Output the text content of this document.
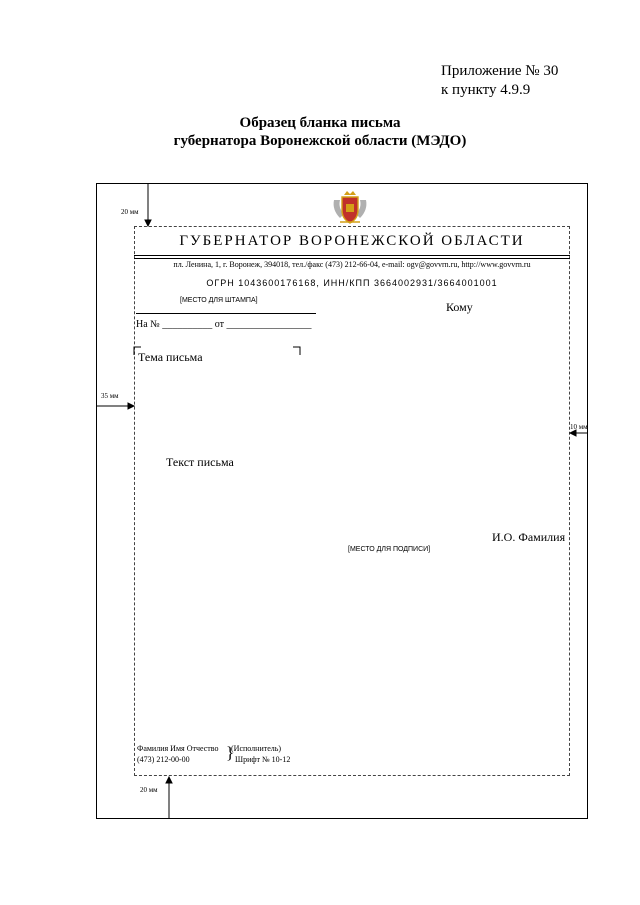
Приложение № 30
к пункту 4.9.9
Образец бланка письма
губернатора Воронежской области (МЭДО)
20 мм
35 мм
10 мм
20 мм
ГУБЕРНАТОР ВОРОНЕЖСКОЙ ОБЛАСТИ
пл. Ленина, 1, г. Воронеж, 394018, тел./факс (473) 212-66-04, e-mail: ogv@govvrn.ru, http://www.govvrn.ru
ОГРН 1043600176168, ИНН/КПП 3664002931/3664001001
[МЕСТО ДЛЯ ШТАМПА]	Кому
На № __________ от _________________
Тема письма
Текст письма
И.О. Фамилия
[МЕСТО ДЛЯ ПОДПИСИ]
Фамилия Имя Отчество
(473) 212-00-00	}
(Исполнитель)
Шрифт № 10-12
